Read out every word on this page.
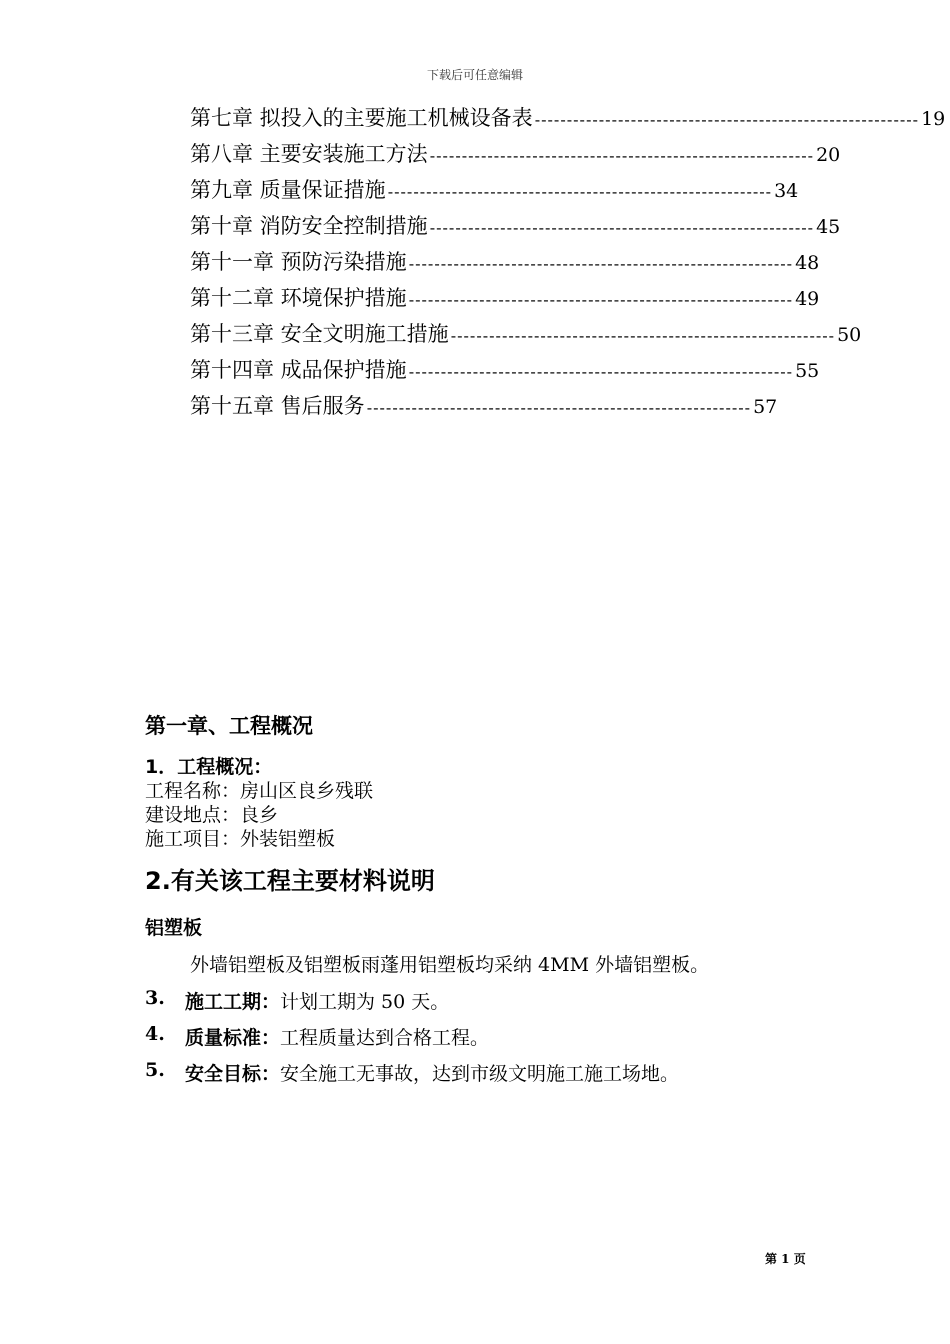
下载后可任意编辑
第七章 拟投入的主要施工机械设备表 ------------------------------------------------------------ 19
第八章 主要安装施工方法 ------------------------------------------------------------ 20
第九章 质量保证措施 ------------------------------------------------------------ 34
第十章 消防安全控制措施 ------------------------------------------------------------ 45
第十一章 预防污染措施 ------------------------------------------------------------ 48
第十二章 环境保护措施 ------------------------------------------------------------ 49
第十三章 安全文明施工措施 ------------------------------------------------------------ 50
第十四章 成品保护措施 ------------------------------------------------------------ 55
第十五章 售后服务 ------------------------------------------------------------ 57
第一章、工程概况
1．工程概况：
工程名称：房山区良乡残联
建设地点：良乡
施工项目：外装铝塑板
2.有关该工程主要材料说明
铝塑板
外墙铝塑板及铝塑板雨蓬用铝塑板均采纳 4MM 外墙铝塑板。
3.	施工工期： 计划工期为 50 天。
4.	质量标准： 工程质量达到合格工程。
5.	安全目标： 安全施工无事故，达到市级文明施工施工场地。
第 1 页
